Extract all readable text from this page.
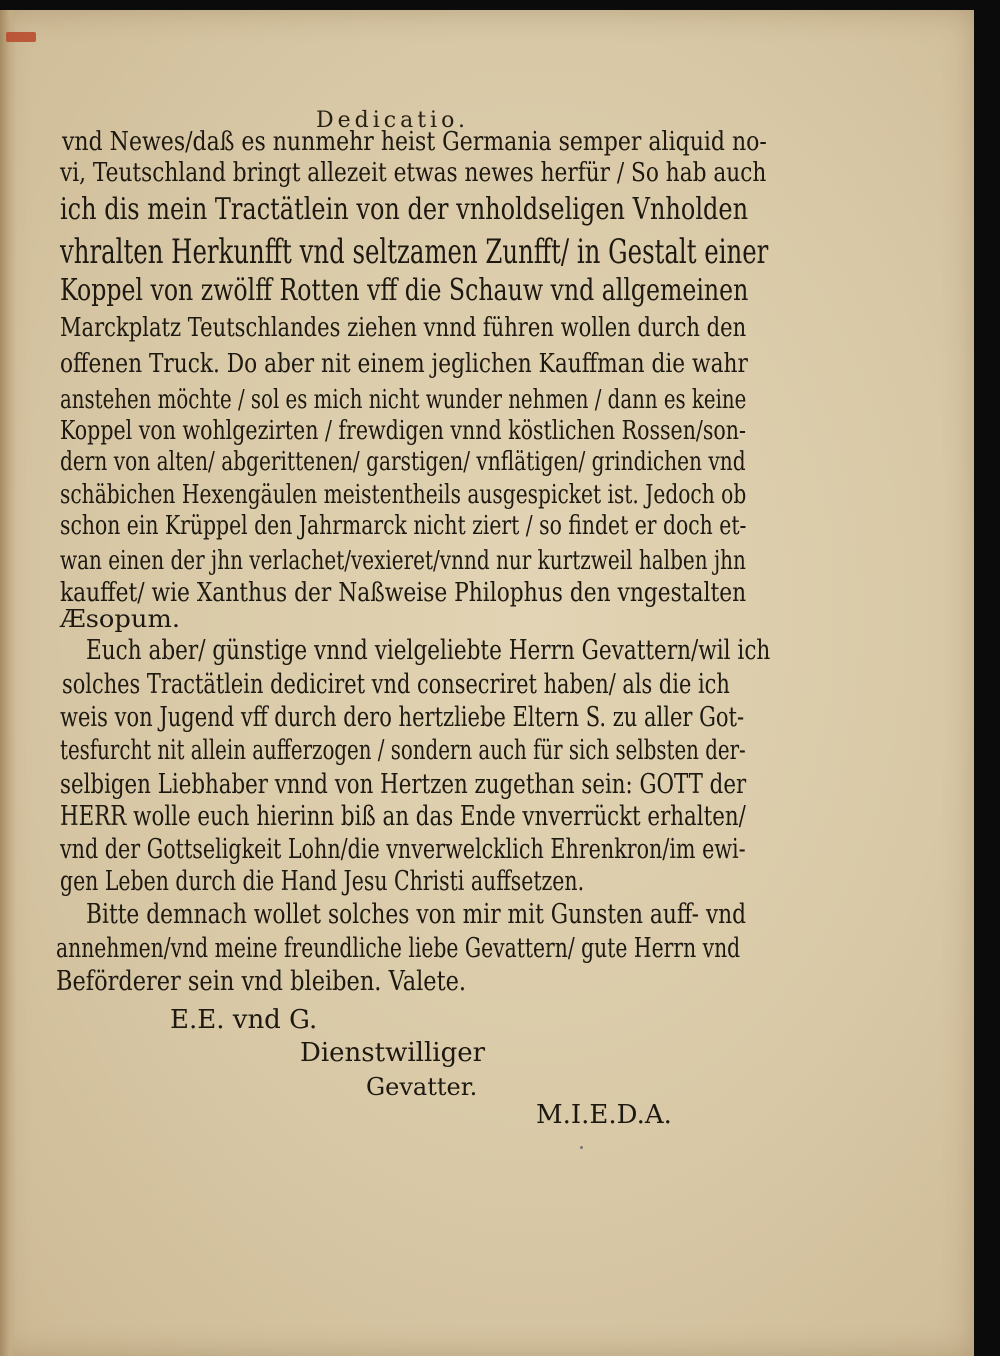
Dedicatio.
vnd Newes/daß es nunmehr heist Germania semper aliquid no-
vi, Teutschland bringt allezeit etwas newes herfür / So hab auch
ich dis mein Tractätlein von der vnholdseligen Vnholden
vhralten Herkunfft vnd seltzamen Zunfft/ in Gestalt einer
Koppel von zwölff Rotten vff die Schauw vnd allgemeinen
Marckplatz Teutschlandes ziehen vnnd führen wollen durch den
offenen Truck. Do aber nit einem jeglichen Kauffman die wahr
anstehen möchte / sol es mich nicht wunder nehmen / dann es keine
Koppel von wohlgezirten / frewdigen vnnd köstlichen Rossen/son-
dern von alten/ abgerittenen/ garstigen/ vnflätigen/ grindichen vnd
schäbichen Hexengäulen meistentheils ausgespicket ist. Jedoch ob
schon ein Krüppel den Jahrmarck nicht ziert / so findet er doch et-
wan einen der jhn verlachet/vexieret/vnnd nur kurtzweil halben jhn
kauffet/ wie Xanthus der Naßweise Philophus den vngestalten
Æsopum.
Euch aber/ günstige vnnd vielgeliebte Herrn Gevattern/wil ich
solches Tractätlein dediciret vnd consecriret haben/ als die ich
weis von Jugend vff durch dero hertzliebe Eltern S. zu aller Got-
tesfurcht nit allein aufferzogen / sondern auch für sich selbsten der-
selbigen Liebhaber vnnd von Hertzen zugethan sein: GOTT der
HERR wolle euch hierinn biß an das Ende vnverrückt erhalten/
vnd der Gottseligkeit Lohn/die vnverwelcklich Ehrenkron/im ewi-
gen Leben durch die Hand Jesu Christi auffsetzen.
Bitte demnach wollet solches von mir mit Gunsten auff- vnd
annehmen/vnd meine freundliche liebe Gevattern/ gute Herrn vnd
Beförderer sein vnd bleiben. Valete.
E.E. vnd G.
Dienstwilliger
Gevatter.
M.I.E.D.A.
